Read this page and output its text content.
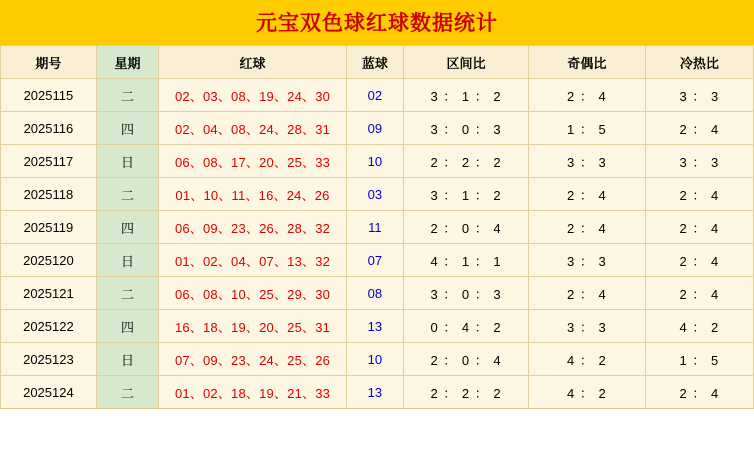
元宝双色球红球数据统计
期号	星期	红球	蓝球	区间比	奇偶比	冷热比
2025115	二	02、03、08、19、24、30	02	3 ： 1 ： 2	2 ： 4	3 ： 3
2025116	四	02、04、08、24、28、31	09	3 ： 0 ： 3	1 ： 5	2 ： 4
2025117	日	06、08、17、20、25、33	10	2 ： 2 ： 2	3 ： 3	3 ： 3
2025118	二	01、10、11、16、24、26	03	3 ： 1 ： 2	2 ： 4	2 ： 4
2025119	四	06、09、23、26、28、32	11	2 ： 0 ： 4	2 ： 4	2 ： 4
2025120	日	01、02、04、07、13、32	07	4 ： 1 ： 1	3 ： 3	2 ： 4
2025121	二	06、08、10、25、29、30	08	3 ： 0 ： 3	2 ： 4	2 ： 4
2025122	四	16、18、19、20、25、31	13	0 ： 4 ： 2	3 ： 3	4 ： 2
2025123	日	07、09、23、24、25、26	10	2 ： 0 ： 4	4 ： 2	1 ： 5
2025124	二	01、02、18、19、21、33	13	2 ： 2 ： 2	4 ： 2	2 ： 4
